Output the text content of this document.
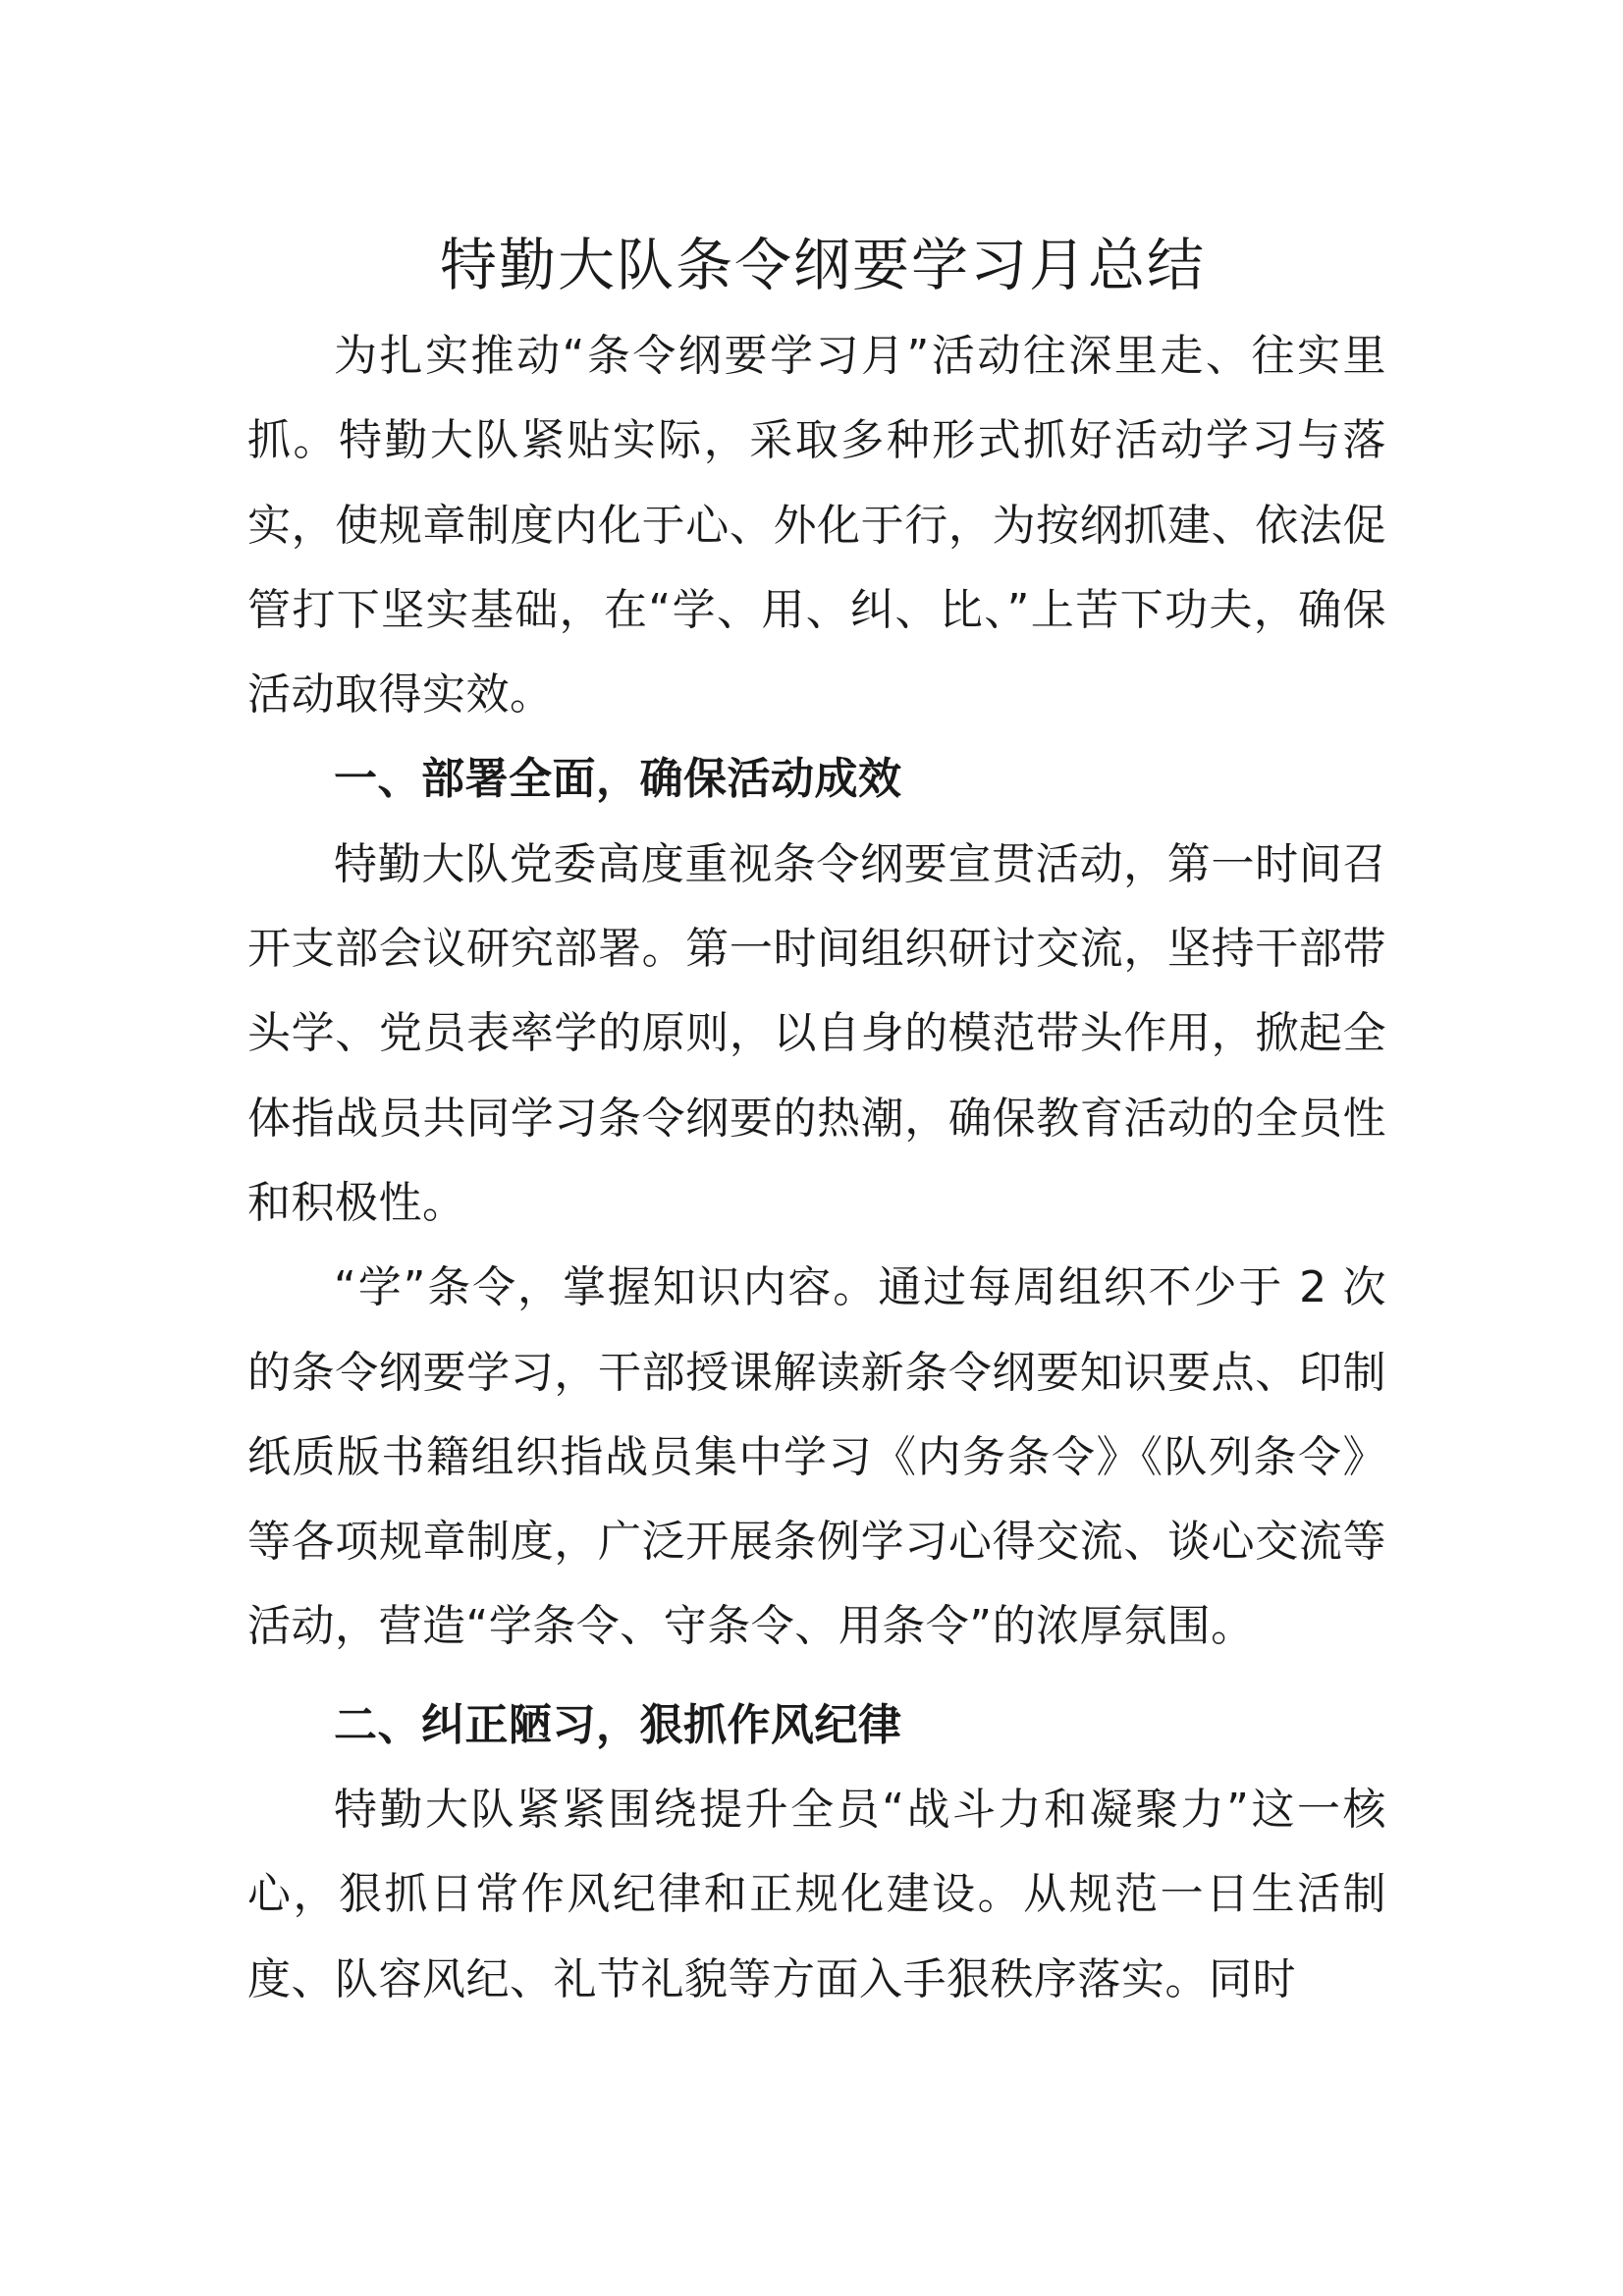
特勤大队条令纲要学习月总结

为扎实推动“条令纲要学习月”活动往深里走、往实里抓。特勤大队紧贴实际，采取多种形式抓好活动学习与落实，使规章制度内化于心、外化于行，为按纲抓建、依法促管打下坚实基础，在“学、用、纠、比、”上苦下功夫，确保活动取得实效。

一、部署全面，确保活动成效

特勤大队党委高度重视条令纲要宣贯活动，第一时间召开支部会议研究部署。第一时间组织研讨交流，坚持干部带头学、党员表率学的原则，以自身的模范带头作用，掀起全体指战员共同学习条令纲要的热潮，确保教育活动的全员性和积极性。

“学”条令，掌握知识内容。通过每周组织不少于 2 次的条令纲要学习，干部授课解读新条令纲要知识要点、印制纸质版书籍组织指战员集中学习《内务条令》《队列条令》等各项规章制度，广泛开展条例学习心得交流、谈心交流等活动，营造“学条令、守条令、用条令”的浓厚氛围。

二、纠正陋习，狠抓作风纪律

特勤大队紧紧围绕提升全员“战斗力和凝聚力”这一核心，狠抓日常作风纪律和正规化建设。从规范一日生活制度、队容风纪、礼节礼貌等方面入手狠秩序落实。同时
